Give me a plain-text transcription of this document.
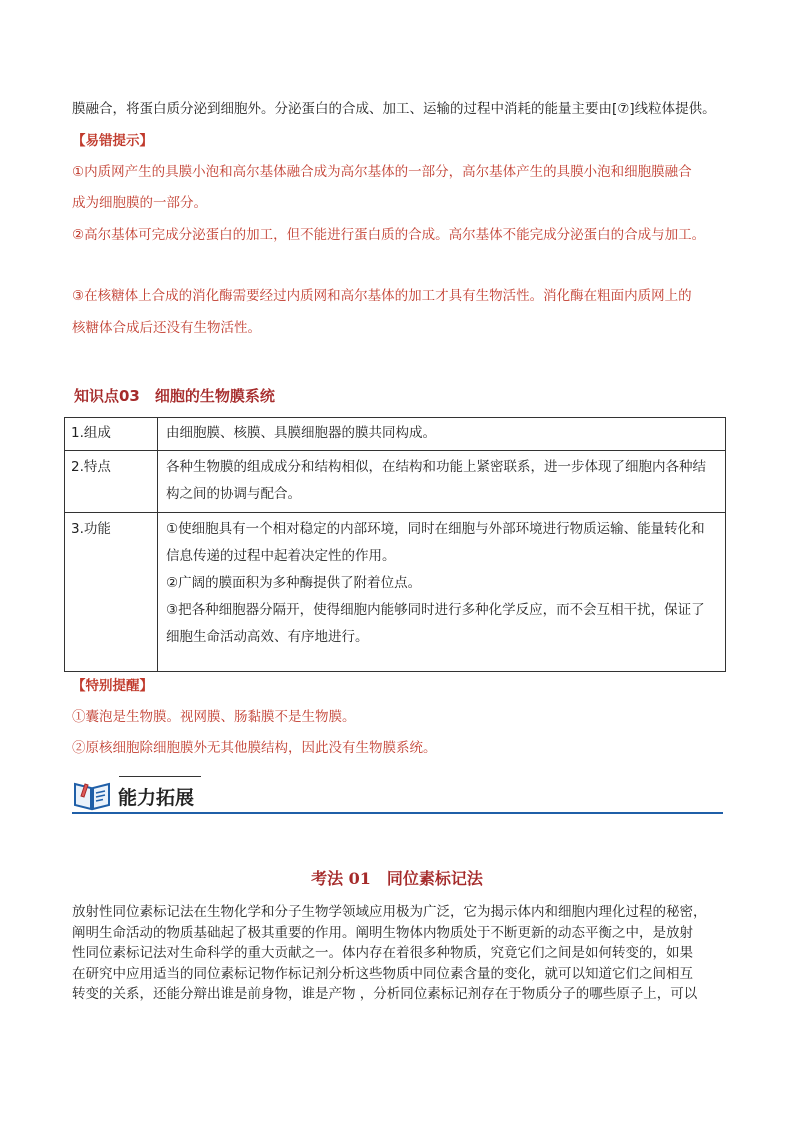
膜融合，将蛋白质分泌到细胞外。分泌蛋白的合成、加工、运输的过程中消耗的能量主要由[⑦]线粒体提供。
【易错提示】
①内质网产生的具膜小泡和高尔基体融合成为高尔基体的一部分，高尔基体产生的具膜小泡和细胞膜融合
成为细胞膜的一部分。
②高尔基体可完成分泌蛋白的加工，但不能进行蛋白质的合成。高尔基体不能完成分泌蛋白的合成与加工。
③在核糖体上合成的消化酶需要经过内质网和高尔基体的加工才具有生物活性。消化酶在粗面内质网上的
核糖体合成后还没有生物活性。
知识点03　细胞的生物膜系统
1.组成	由细胞膜、核膜、具膜细胞器的膜共同构成。

2.特点	各种生物膜的组成成分和结构相似，在结构和功能上紧密联系，进一步体现了细胞内各种结
构之间的协调与配合。

3.功能	①使细胞具有一个相对稳定的内部环境，同时在细胞与外部环境进行物质运输、能量转化和
信息传递的过程中起着决定性的作用。
②广阔的膜面积为多种酶提供了附着位点。
③把各种细胞器分隔开，使得细胞内能够同时进行多种化学反应，而不会互相干扰，保证了
细胞生命活动高效、有序地进行。
【特别提醒】
①囊泡是生物膜。视网膜、肠黏膜不是生物膜。
②原核细胞除细胞膜外无其他膜结构，因此没有生物膜系统。
能力拓展
考法 01　同位素标记法
放射性同位素标记法在生物化学和分子生物学领域应用极为广泛，它为揭示体内和细胞内理化过程的秘密，
阐明生命活动的物质基础起了极其重要的作用。阐明生物体内物质处于不断更新的动态平衡之中，是放射
性同位素标记法对生命科学的重大贡献之一。体内存在着很多种物质，究竟它们之间是如何转变的，如果
在研究中应用适当的同位素标记物作标记剂分析这些物质中同位素含量的变化，就可以知道它们之间相互
转变的关系，还能分辩出谁是前身物，谁是产物 ，分析同位素标记剂存在于物质分子的哪些原子上，可以
